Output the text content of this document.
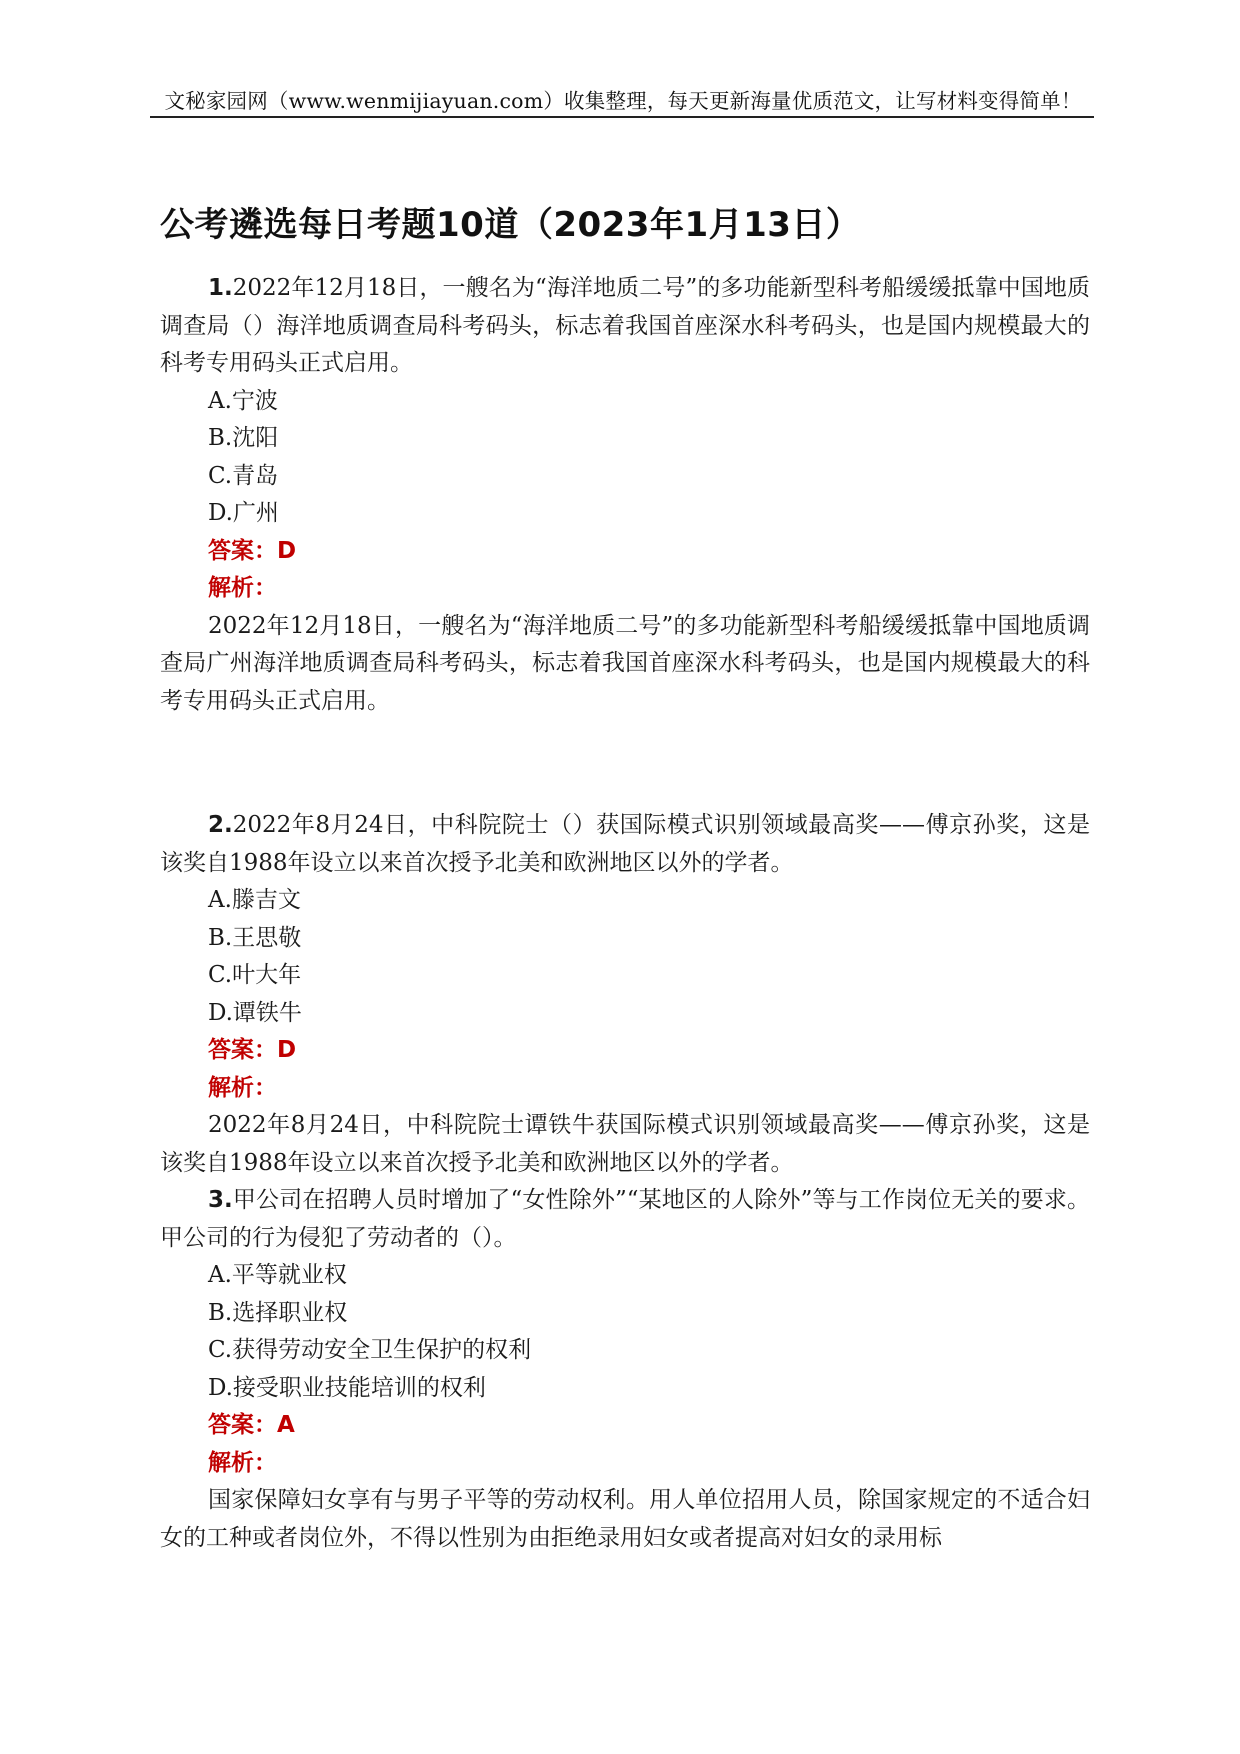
文秘家园网（www.wenmijiayuan.com）收集整理，每天更新海量优质范文，让写材料变得简单！
公考遴选每日考题10道（2023年1月13日）

1.2022年12月18日，一艘名为“海洋地质二号”的多功能新型科考船缓缓抵靠中国地质调查局（）海洋地质调查局科考码头，标志着我国首座深水科考码头，也是国内规模最大的科考专用码头正式启用。

A.宁波

B.沈阳

C.青岛

D.广州

答案：D

解析：

2022年12月18日，一艘名为“海洋地质二号”的多功能新型科考船缓缓抵靠中国地质调查局广州海洋地质调查局科考码头，标志着我国首座深水科考码头，也是国内规模最大的科考专用码头正式启用。

2.2022年8月24日，中科院院士（）获国际模式识别领域最高奖——傅京孙奖，这是该奖自1988年设立以来首次授予北美和欧洲地区以外的学者。

A.滕吉文

B.王思敬

C.叶大年

D.谭铁牛

答案：D

解析：

2022年8月24日，中科院院士谭铁牛获国际模式识别领域最高奖——傅京孙奖，这是该奖自1988年设立以来首次授予北美和欧洲地区以外的学者。

3.甲公司在招聘人员时增加了“女性除外”“某地区的人除外”等与工作岗位无关的要求。甲公司的行为侵犯了劳动者的（）。

A.平等就业权

B.选择职业权

C.获得劳动安全卫生保护的权利

D.接受职业技能培训的权利

答案：A

解析：

国家保障妇女享有与男子平等的劳动权利。用人单位招用人员，除国家规定的不适合妇女的工种或者岗位外，不得以性别为由拒绝录用妇女或者提高对妇女的录用标
